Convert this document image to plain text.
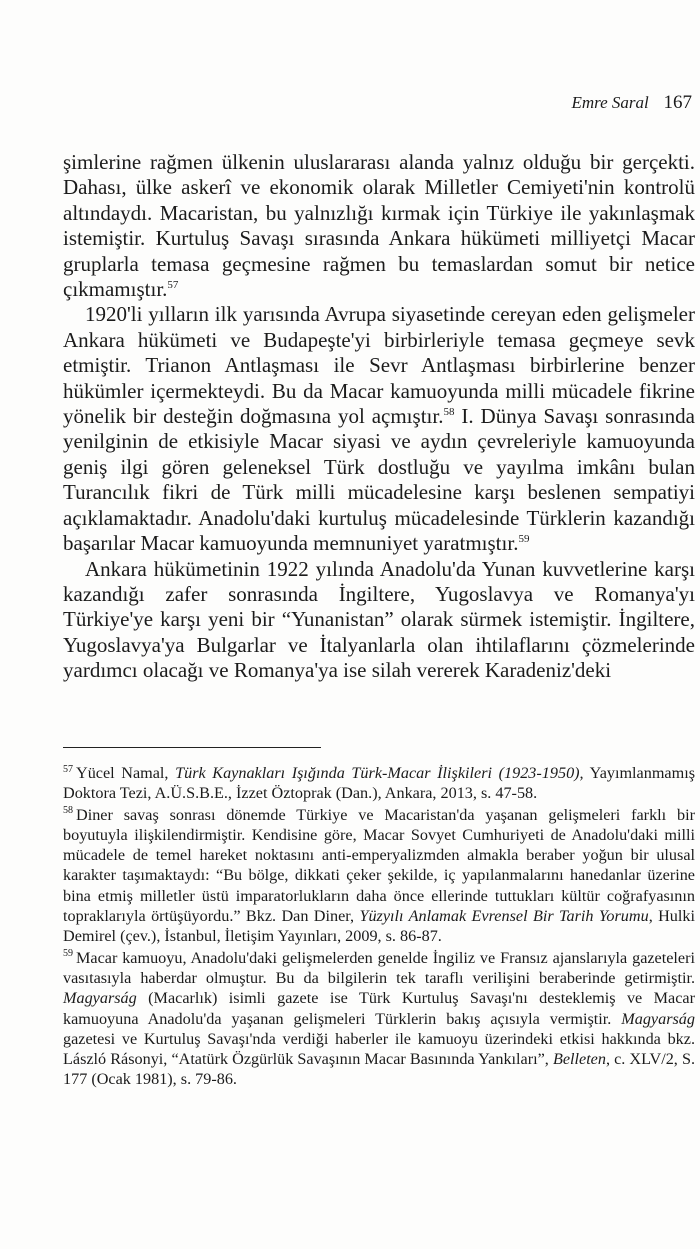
Emre Saral 167

şimlerine rağmen ülkenin uluslararası alanda yalnız olduğu bir gerçekti. Dahası, ülke askerî ve ekonomik olarak Milletler Cemiyeti'nin kontrolü altındaydı. Macaristan, bu yalnızlığı kırmak için Türkiye ile yakınlaşmak istemiştir. Kurtuluş Savaşı sırasında Ankara hükümeti milliyetçi Macar gruplarla temasa geçmesine rağmen bu temaslardan somut bir netice çıkmamıştır.$^{57}$

1920'li yılların ilk yarısında Avrupa siyasetinde cereyan eden gelişmeler Ankara hükümeti ve Budapeşte'yi birbirleriyle temasa geçmeye sevk etmiştir. Trianon Antlaşması ile Sevr Antlaşması birbirlerine benzer hükümler içermekteydi. Bu da Macar kamuoyunda milli mücadele fikrine yönelik bir desteğin doğmasına yol açmıştır.$^{58}$ I. Dünya Savaşı sonrasında yenilginin de etkisiyle Macar siyasi ve aydın çevreleriyle kamuoyunda geniş ilgi gören geleneksel Türk dostluğu ve yayılma imkânı bulan Turancılık fikri de Türk milli mücadelesine karşı beslenen sempatiyi açıklamaktadır. Anadolu'daki kurtuluş mücadelesinde Türklerin kazandığı başarılar Macar kamuoyunda memnuniyet yaratmıştır.$^{59}$

Ankara hükümetinin 1922 yılında Anadolu'da Yunan kuvvetlerine karşı kazandığı zafer sonrasında İngiltere, Yugoslavya ve Romanya'yı Türkiye'ye karşı yeni bir “Yunanistan” olarak sürmek istemiştir. İngiltere, Yugoslavya'ya Bulgarlar ve İtalyanlarla olan ihtilaflarını çözmelerinde yardımcı olacağı ve Romanya'ya ise silah vererek Karadeniz'deki

$^{57}$ Yücel Namal, Türk Kaynakları Işığında Türk-Macar İlişkileri (1923-1950), Yayımlanmamış Doktora Tezi, A.Ü.S.B.E., İzzet Öztoprak (Dan.), Ankara, 2013, s. 47-58.

$^{58}$ Diner savaş sonrası dönemde Türkiye ve Macaristan'da yaşanan gelişmeleri farklı bir boyutuyla ilişkilendirmiştir. Kendisine göre, Macar Sovyet Cumhuriyeti de Anadolu'daki milli mücadele de temel hareket noktasını anti-emperyalizmden almakla beraber yoğun bir ulusal karakter taşımaktaydı: “Bu bölge, dikkati çeker şekilde, iç yapılanmalarını hanedanlar üzerine bina etmiş milletler üstü imparatorlukların daha önce ellerinde tuttukları kültür coğrafyasının topraklarıyla örtüşüyordu.” Bkz. Dan Diner, Yüzyılı Anlamak Evrensel Bir Tarih Yorumu, Hulki Demirel (çev.), İstanbul, İletişim Yayınları, 2009, s. 86-87.

$^{59}$ Macar kamuoyu, Anadolu'daki gelişmelerden genelde İngiliz ve Fransız ajanslarıyla gazeteleri vasıtasıyla haberdar olmuştur. Bu da bilgilerin tek taraflı verilişini beraberinde getirmiştir. Magyarság (Macarlık) isimli gazete ise Türk Kurtuluş Savaşı'nı desteklemiş ve Macar kamuoyuna Anadolu'da yaşanan gelişmeleri Türklerin bakış açısıyla vermiştir. Magyarság gazetesi ve Kurtuluş Savaşı'nda verdiği haberler ile kamuoyu üzerindeki etkisi hakkında bkz. László Rásonyi, “Atatürk Özgürlük Savaşının Macar Basınında Yankıları”, Belleten, c. XLV/2, S. 177 (Ocak 1981), s. 79-86.
